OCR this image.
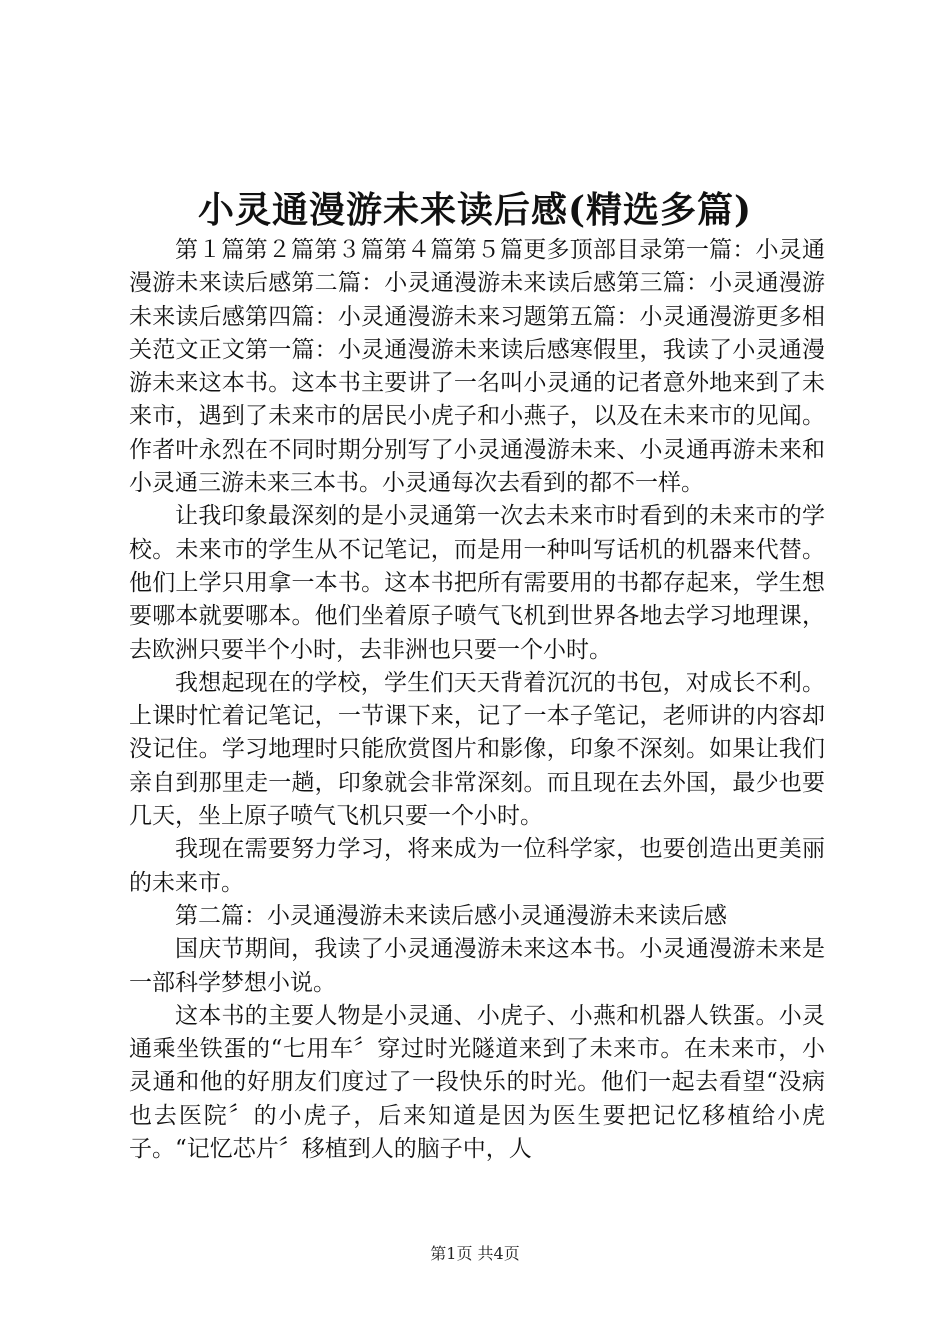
小灵通漫游未来读后感(精选多篇)

第１篇第２篇第３篇第４篇第５篇更多顶部目录第一篇：小灵通漫游未来读后感第二篇：小灵通漫游未来读后感第三篇：小灵通漫游未来读后感第四篇：小灵通漫游未来习题第五篇：小灵通漫游更多相关范文正文第一篇：小灵通漫游未来读后感寒假里，我读了小灵通漫游未来这本书。这本书主要讲了一名叫小灵通的记者意外地来到了未来市，遇到了未来市的居民小虎子和小燕子，以及在未来市的见闻。作者叶永烈在不同时期分别写了小灵通漫游未来、小灵通再游未来和小灵通三游未来三本书。小灵通每次去看到的都不一样。

让我印象最深刻的是小灵通第一次去未来市时看到的未来市的学校。未来市的学生从不记笔记，而是用一种叫写话机的机器来代替。他们上学只用拿一本书。这本书把所有需要用的书都存起来，学生想要哪本就要哪本。他们坐着原子喷气飞机到世界各地去学习地理课，去欧洲只要半个小时，去非洲也只要一个小时。

我想起现在的学校，学生们天天背着沉沉的书包，对成长不利。上课时忙着记笔记，一节课下来，记了一本子笔记，老师讲的内容却没记住。学习地理时只能欣赏图片和影像，印象不深刻。如果让我们亲自到那里走一趟，印象就会非常深刻。而且现在去外国，最少也要几天，坐上原子喷气飞机只要一个小时。

我现在需要努力学习，将来成为一位科学家，也要创造出更美丽的未来市。

第二篇：小灵通漫游未来读后感小灵通漫游未来读后感

国庆节期间，我读了小灵通漫游未来这本书。小灵通漫游未来是一部科学梦想小说。

这本书的主要人物是小灵通、小虎子、小燕和机器人铁蛋。小灵通乘坐铁蛋的“七用车〞穿过时光隧道来到了未来市。在未来市，小灵通和他的好朋友们度过了一段快乐的时光。他们一起去看望“没病也去医院〞的小虎子，后来知道是因为医生要把记忆移植给小虎子。“记忆芯片〞移植到人的脑子中，人

第1页 共4页
